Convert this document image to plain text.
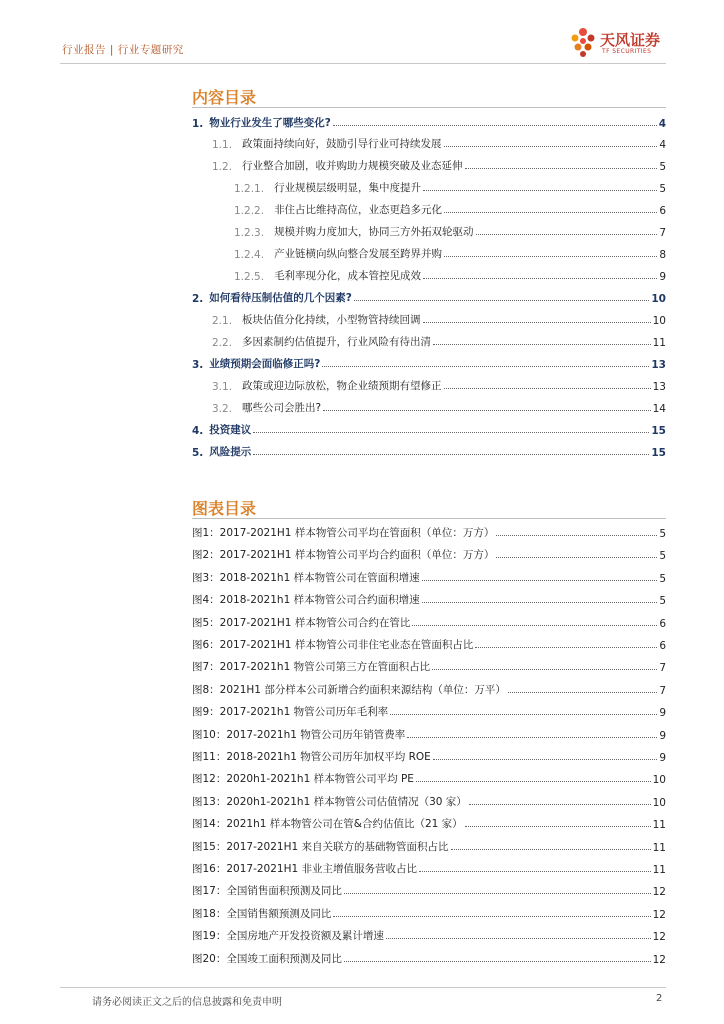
行业报告 | 行业专题研究
天风证券
TF SECURITIES
内容目录
1. 物业行业发生了哪些变化?	4
1.1. 政策面持续向好，鼓励引导行业可持续发展	4
1.2. 行业整合加剧，收并购助力规模突破及业态延伸	5
1.2.1. 行业规模层级明显，集中度提升	5
1.2.2. 非住占比维持高位，业态更趋多元化	6
1.2.3. 规模并购力度加大，协同三方外拓双轮驱动	7
1.2.4. 产业链横向纵向整合发展至跨界并购	8
1.2.5. 毛利率现分化，成本管控见成效	9
2. 如何看待压制估值的几个因素?	10
2.1. 板块估值分化持续，小型物管持续回调	10
2.2. 多因素制约估值提升，行业风险有待出清	11
3. 业绩预期会面临修正吗?	13
3.1. 政策或迎边际放松，物企业绩预期有望修正	13
3.2. 哪些公司会胜出?	14
4. 投资建议	15
5. 风险提示	15
图表目录
图1：2017-2021H1 样本物管公司平均在管面积（单位：万方）	5
图2：2017-2021H1 样本物管公司平均合约面积（单位：万方）	5
图3：2018-2021h1 样本物管公司在管面积增速	5
图4：2018-2021h1 样本物管公司合约面积增速	5
图5：2017-2021H1 样本物管公司合约在管比	6
图6：2017-2021H1 样本物管公司非住宅业态在管面积占比	6
图7：2017-2021h1 物管公司第三方在管面积占比	7
图8：2021H1 部分样本公司新增合约面积来源结构（单位：万平）	7
图9：2017-2021h1 物管公司历年毛利率	9
图10：2017-2021h1 物管公司历年销管费率	9
图11：2018-2021h1 物管公司历年加权平均 ROE	9
图12：2020h1-2021h1 样本物管公司平均 PE	10
图13：2020h1-2021h1 样本物管公司估值情况（30 家）	10
图14：2021h1 样本物管公司在管&合约估值比（21 家）	11
图15：2017-2021H1 来自关联方的基础物管面积占比	11
图16：2017-2021H1 非业主增值服务营收占比	11
图17：全国销售面积预测及同比	12
图18：全国销售额预测及同比	12
图19：全国房地产开发投资额及累计增速	12
图20：全国竣工面积预测及同比	12
请务必阅读正文之后的信息披露和免责申明	2
